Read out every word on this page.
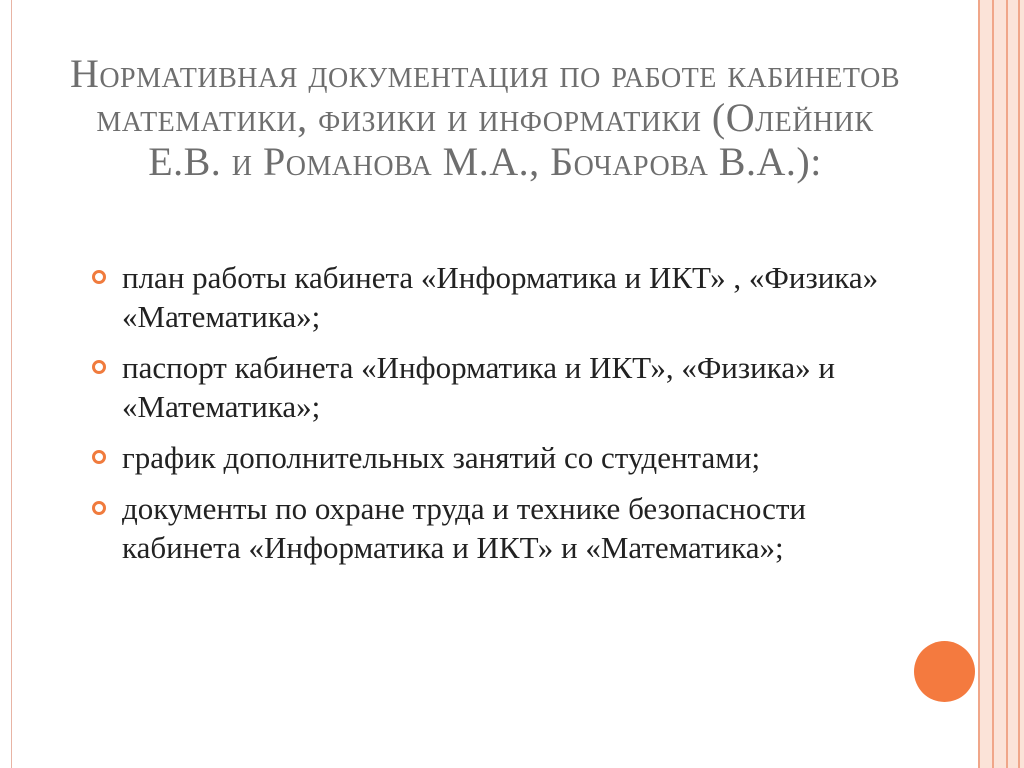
Нормативная документация по работе кабинетов математики, физики и информатики (Олейник Е.В. и Романова М.А., Бочарова В.А.):
план работы кабинета «Информатика и ИКТ» , «Физика» «Математика»;
паспорт кабинета «Информатика и ИКТ», «Физика» и «Математика»;
график дополнительных занятий со студентами;
документы по охране труда и технике безопасности кабинета «Информатика и ИКТ» и «Математика»;
